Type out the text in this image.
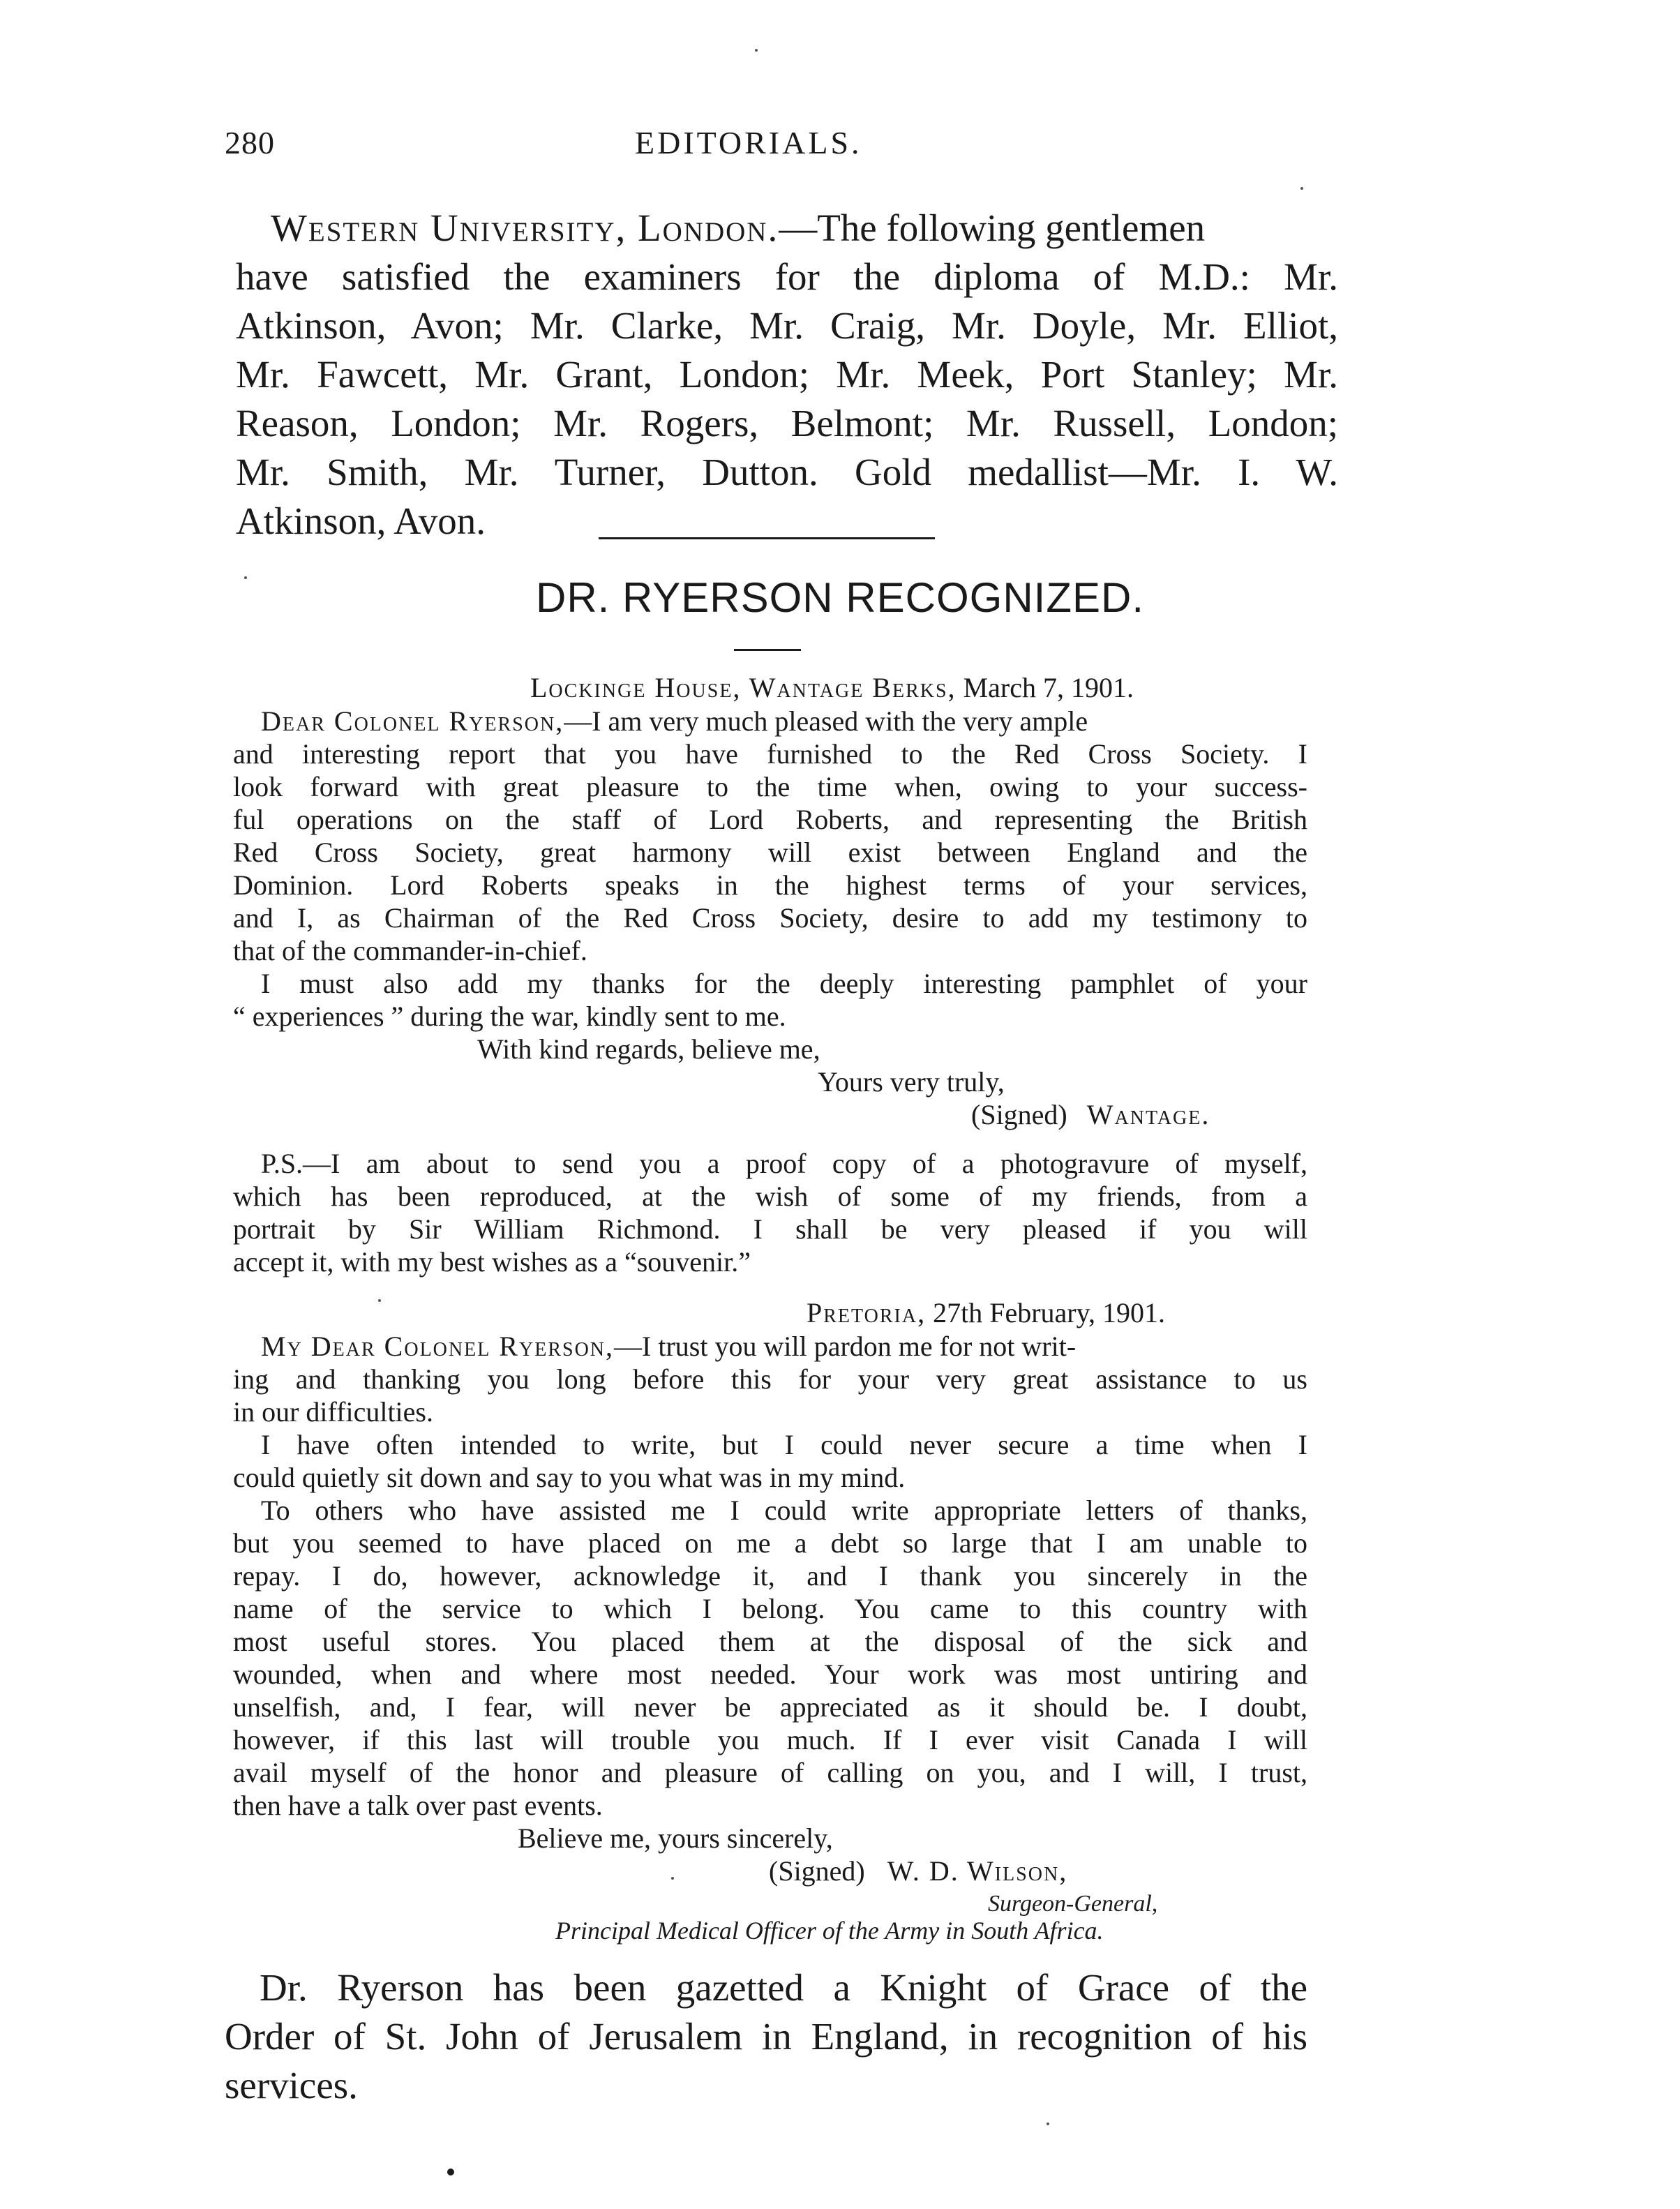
280	EDITORIALS.
Western University, London.—The following gentlemen
have satisfied the examiners for the diploma of M.D.: Mr.
Atkinson, Avon; Mr. Clarke, Mr. Craig, Mr. Doyle, Mr. Elliot,
Mr. Fawcett, Mr. Grant, London; Mr. Meek, Port Stanley; Mr.
Reason, London; Mr. Rogers, Belmont; Mr. Russell, London;
Mr. Smith, Mr. Turner, Dutton. Gold medallist—Mr. I. W.
Atkinson, Avon.
DR. RYERSON RECOGNIZED.
Lockinge House, Wantage Berks, March 7, 1901.
Dear Colonel Ryerson,—I am very much pleased with the very ample
and interesting report that you have furnished to the Red Cross Society. I
look forward with great pleasure to the time when, owing to your success-
ful operations on the staff of Lord Roberts, and representing the British
Red Cross Society, great harmony will exist between England and the
Dominion. Lord Roberts speaks in the highest terms of your services,
and I, as Chairman of the Red Cross Society, desire to add my testimony to
that of the commander-in-chief.
I must also add my thanks for the deeply interesting pamphlet of your
“ experiences ” during the war, kindly sent to me.
With kind regards, believe me,
Yours very truly,
(Signed) Wantage.
P.S.—I am about to send you a proof copy of a photogravure of myself,
which has been reproduced, at the wish of some of my friends, from a
portrait by Sir William Richmond. I shall be very pleased if you will
accept it, with my best wishes as a “souvenir.”
Pretoria, 27th February, 1901.
My Dear Colonel Ryerson,—I trust you will pardon me for not writ-
ing and thanking you long before this for your very great assistance to us
in our difficulties.
I have often intended to write, but I could never secure a time when I
could quietly sit down and say to you what was in my mind.
To others who have assisted me I could write appropriate letters of thanks,
but you seemed to have placed on me a debt so large that I am unable to
repay. I do, however, acknowledge it, and I thank you sincerely in the
name of the service to which I belong. You came to this country with
most useful stores. You placed them at the disposal of the sick and
wounded, when and where most needed. Your work was most untiring and
unselfish, and, I fear, will never be appreciated as it should be. I doubt,
however, if this last will trouble you much. If I ever visit Canada I will
avail myself of the honor and pleasure of calling on you, and I will, I trust,
then have a talk over past events.
Believe me, yours sincerely,
(Signed) W. D. Wilson,
Surgeon-General,
Principal Medical Officer of the Army in South Africa.
Dr. Ryerson has been gazetted a Knight of Grace of the
Order of St. John of Jerusalem in England, in recognition of his
services.
